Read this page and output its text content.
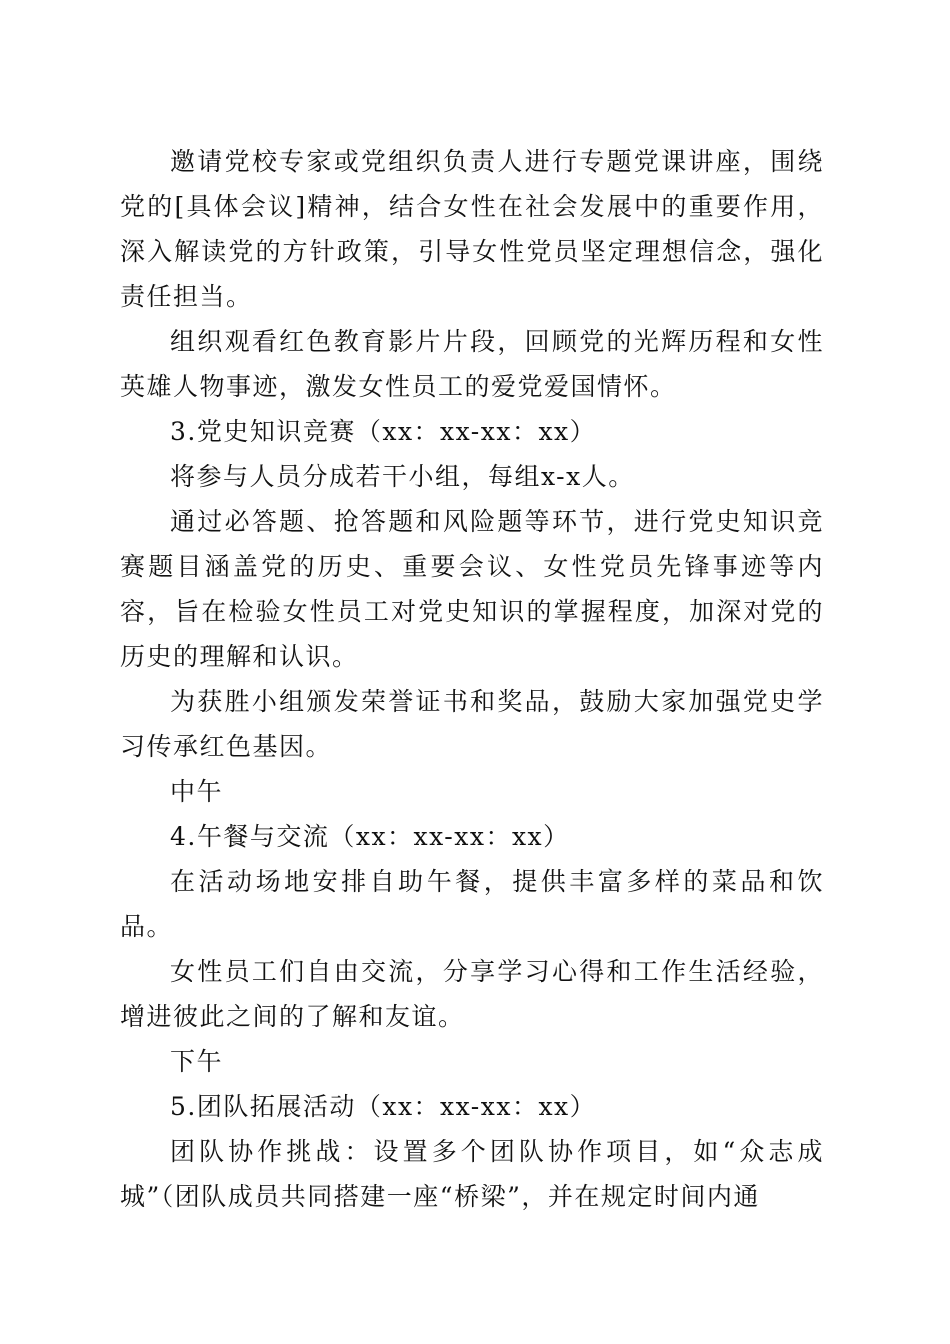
邀请党校专家或党组织负责人进行专题党课讲座，围绕党的[具体会议]精神，结合女性在社会发展中的重要作用，深入解读党的方针政策，引导女性党员坚定理想信念，强化责任担当。

组织观看红色教育影片片段，回顾党的光辉历程和女性英雄人物事迹，激发女性员工的爱党爱国情怀。

3.党史知识竞赛（xx：xx-xx：xx）

将参与人员分成若干小组，每组x-x人。

通过必答题、抢答题和风险题等环节，进行党史知识竞赛题目涵盖党的历史、重要会议、女性党员先锋事迹等内容，旨在检验女性员工对党史知识的掌握程度，加深对党的历史的理解和认识。

为获胜小组颁发荣誉证书和奖品，鼓励大家加强党史学习传承红色基因。

中午

4.午餐与交流（xx：xx-xx：xx）

在活动场地安排自助午餐，提供丰富多样的菜品和饮品。

女性员工们自由交流，分享学习心得和工作生活经验，增进彼此之间的了解和友谊。

下午

5.团队拓展活动（xx：xx-xx：xx）

团队协作挑战：设置多个团队协作项目，如“众志成城”（团队成员共同搭建一座“桥梁”，并在规定时间内通
